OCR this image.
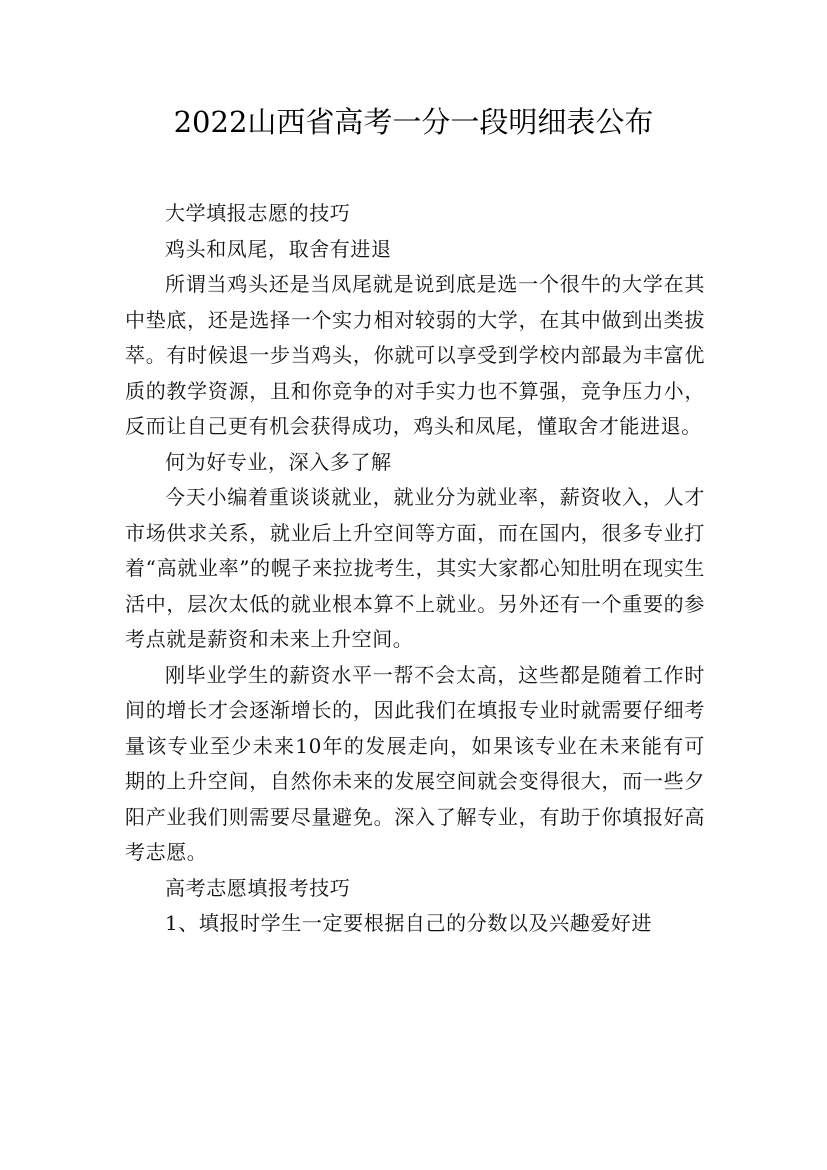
2022山西省高考一分一段明细表公布

大学填报志愿的技巧

鸡头和凤尾，取舍有进退

所谓当鸡头还是当凤尾就是说到底是选一个很牛的大学在其中垫底，还是选择一个实力相对较弱的大学，在其中做到出类拔萃。有时候退一步当鸡头，你就可以享受到学校内部最为丰富优质的教学资源，且和你竞争的对手实力也不算强，竞争压力小，反而让自己更有机会获得成功，鸡头和凤尾，懂取舍才能进退。

何为好专业，深入多了解

今天小编着重谈谈就业，就业分为就业率，薪资收入，人才市场供求关系，就业后上升空间等方面，而在国内，很多专业打着“高就业率”的幌子来拉拢考生，其实大家都心知肚明在现实生活中，层次太低的就业根本算不上就业。另外还有一个重要的参考点就是薪资和未来上升空间。

刚毕业学生的薪资水平一帮不会太高，这些都是随着工作时间的增长才会逐渐增长的，因此我们在填报专业时就需要仔细考量该专业至少未来10年的发展走向，如果该专业在未来能有可期的上升空间，自然你未来的发展空间就会变得很大，而一些夕阳产业我们则需要尽量避免。深入了解专业，有助于你填报好高考志愿。

高考志愿填报考技巧

1、填报时学生一定要根据自己的分数以及兴趣爱好进
